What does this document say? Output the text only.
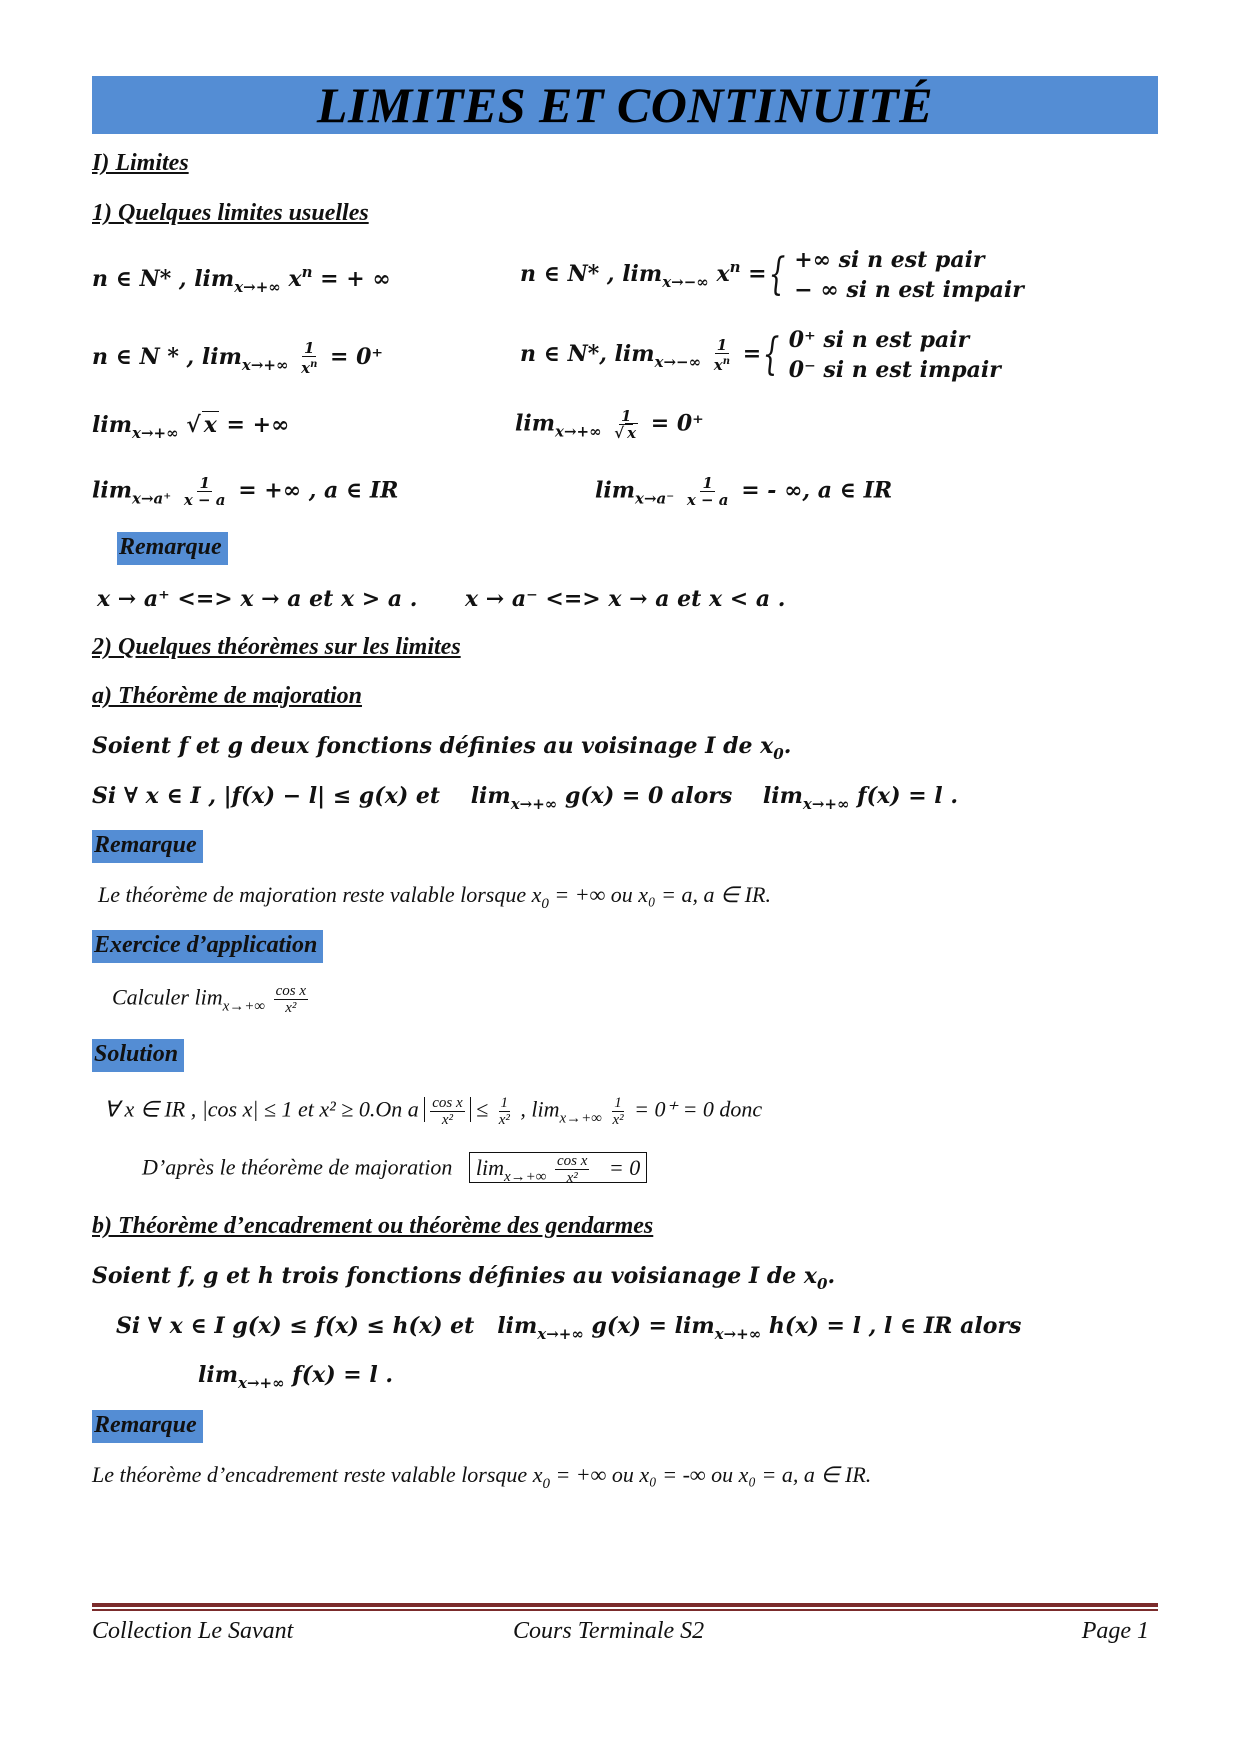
LIMITES ET CONTINUITÉ
I) Limites
1) Quelques limites usuelles
n ∈ N* , $\lim_{x\to+\infty} x^n$ = + ∞	n ∈ N* , $\lim_{x\to-\infty} x^n$ ={ +∞ si n est pair
− ∞ si n est impair
n ∈ N * , $\lim_{x\to+\infty} \frac{1}{x^n} = 0^+$	n ∈ N*, $\lim_{x\to-\infty} \frac{1}{x^n}$ ={ 0⁺ si n est pair
0⁻ si n est impair
$\lim_{x\to+\infty}$ √ x = +∞	$\lim_{x\to+\infty} \frac{1}{√ x} = 0^+$
$\lim_{x\to a^+} \frac{1}{x - a}$ = +∞ , a ∈ IR	$\lim_{x\to a^-} \frac{1}{x - a}$ = - ∞, a ∈ IR
Remarque
x → a⁺ <=> x → a et x > a . x → a⁻ <=> x → a et x < a .
2) Quelques théorèmes sur les limites
a) Théorème de majoration
Soient f et g deux fonctions définies au voisinage I de $x_0$.
Si ∀ x ∈ I , |f(x) − l| ≤ g(x) et $\lim_{x\to+\infty} g(x) = 0$ alors $\lim_{x\to+\infty} f(x) = l$ .
Remarque
Le théorème de majoration reste valable lorsque $x_0$ = +∞ ou x₀ = a, a ∈ IR.
Exercice d’application
Calculer $\lim_{x\to+\infty} \frac{\text{cos x}}{\text{x²}}$
Solution
∀ x ∈ IR , |cos x| ≤ 1 et x² ≥ 0.On a $\frac{\text{cos x}}{\text{x²}} \le \frac{1}{\text{x²}}$ , $\lim_{x\to+\infty} \frac{1}{\text{x²}} = 0^+ = 0$ donc
D’après le théorème de majoration $\lim_{x\to+\infty} \frac{\text{cos x}}{\text{x²}} = 0$
b) Théorème d’encadrement ou théorème des gendarmes
Soient f, g et h trois fonctions définies au voisianage I de $x_0$.
Si ∀ x ∈ I g(x) ≤ f(x) ≤ h(x) et $\lim_{x\to+\infty} g(x) = \lim_{x\to+\infty} h(x) = l$ , l ∈ IR alors
$\lim_{x\to+\infty} f(x) = l$ .
Remarque
Le théorème d’encadrement reste valable lorsque $x_0$ = +∞ ou x₀ = -∞ ou x₀ = a, a ∈ IR.
Collection Le Savant	Cours Terminale S2	Page 1
